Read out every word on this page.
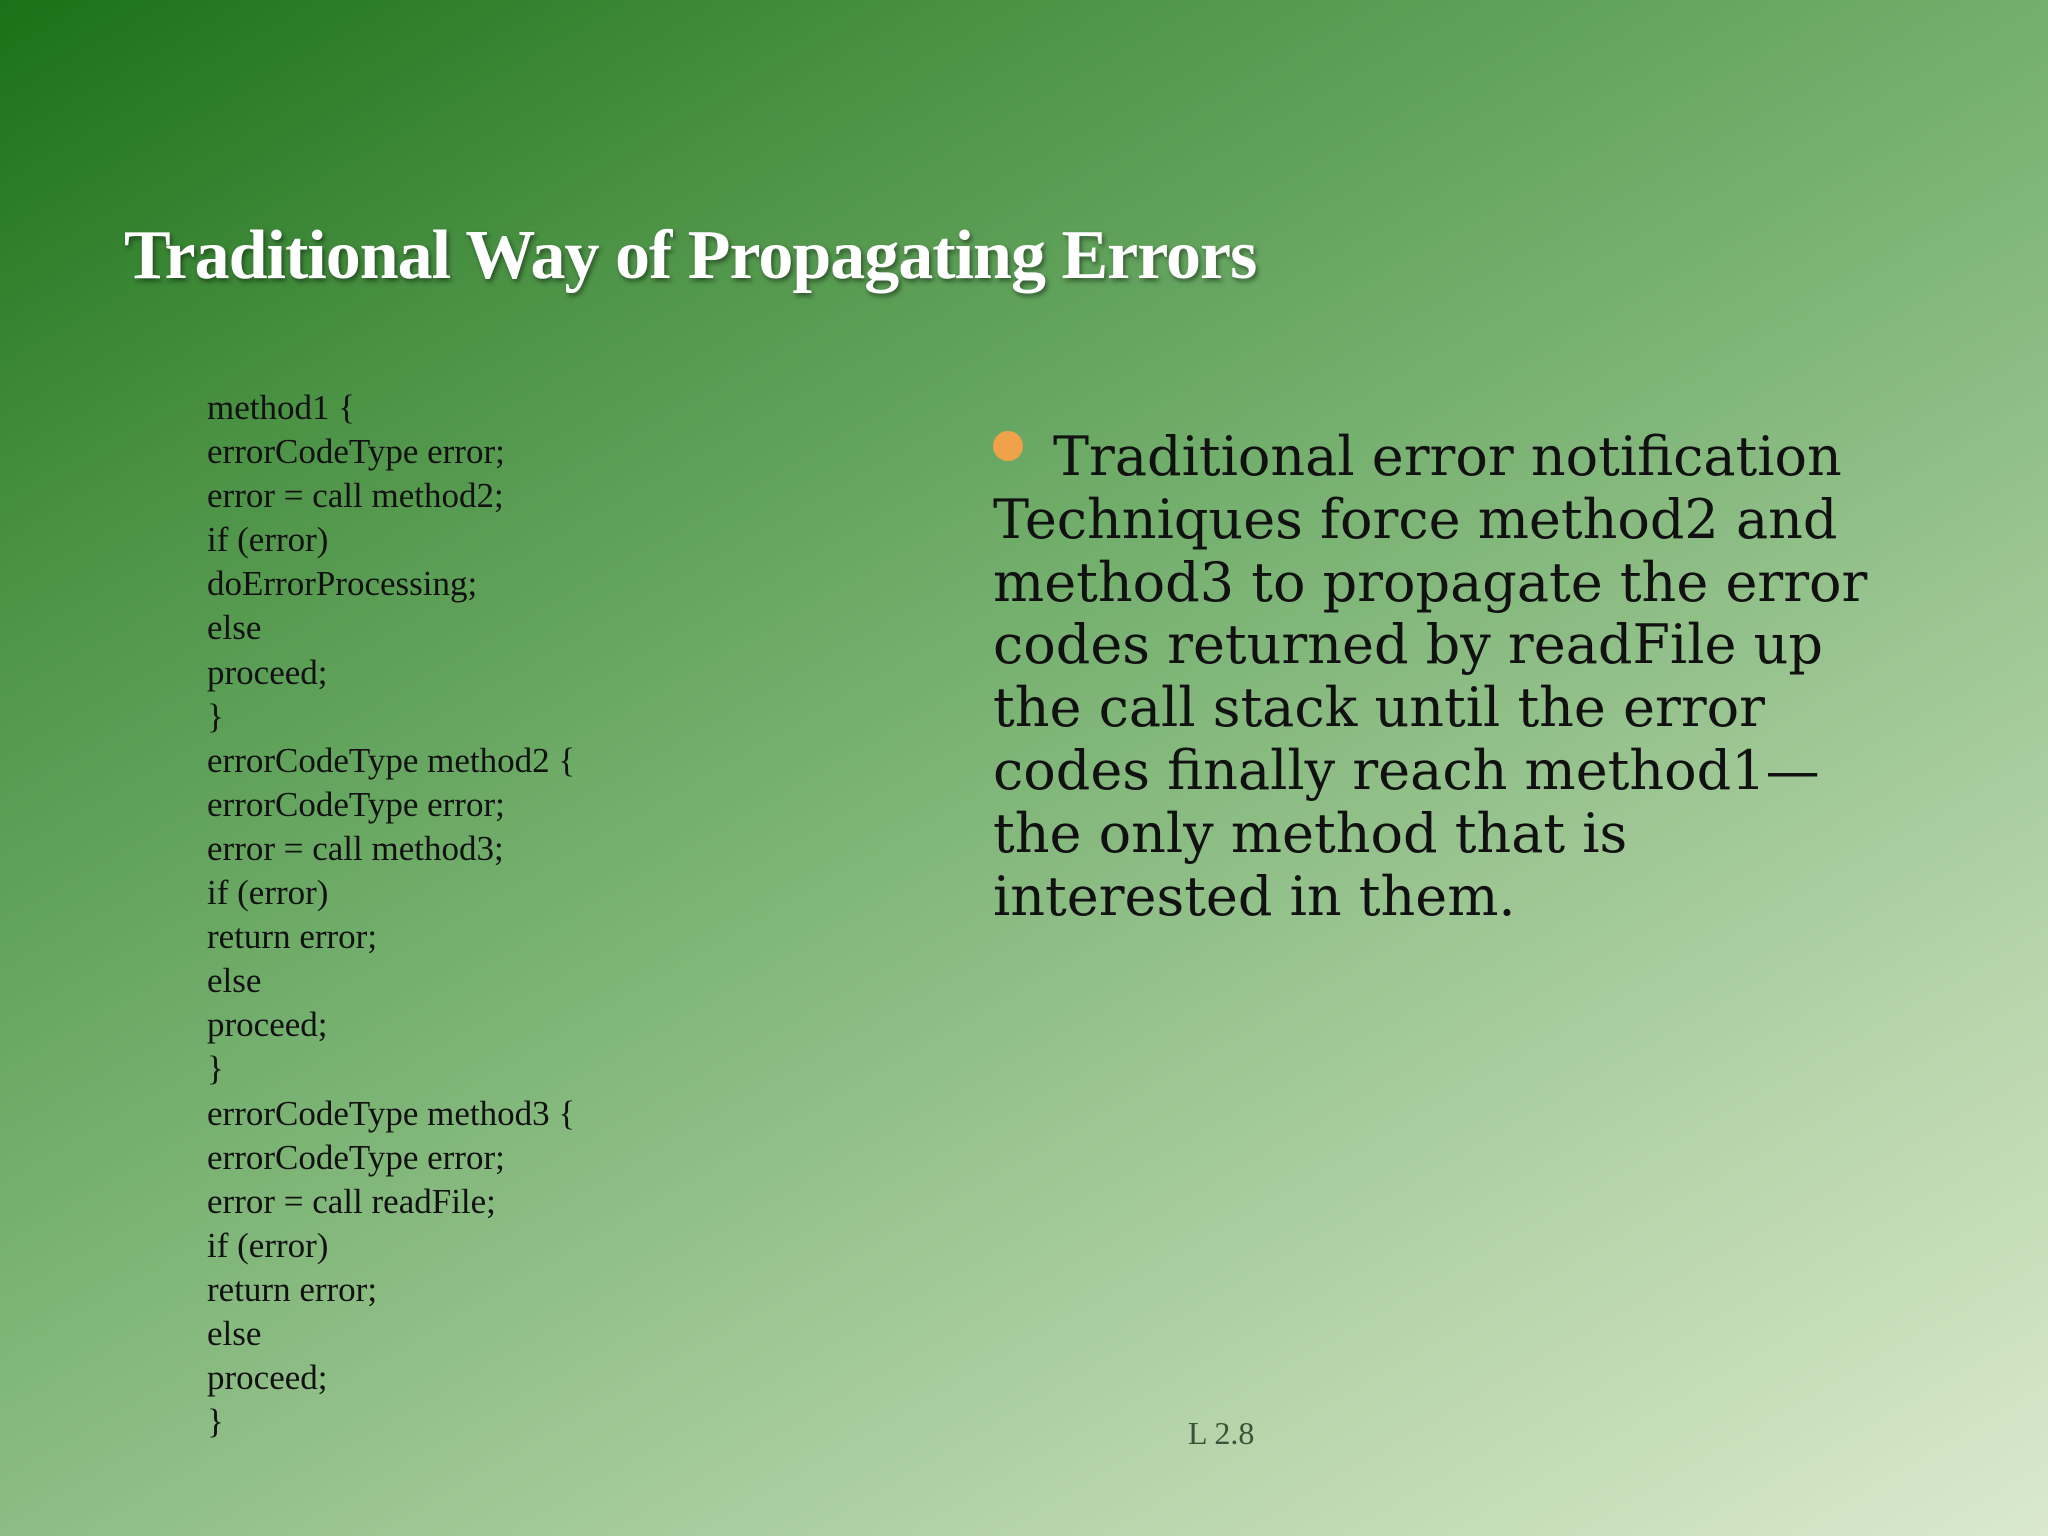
Traditional Way of Propagating Errors
method1 {
errorCodeType error;
error = call method2;
if (error)
doErrorProcessing;
else
proceed;
}
errorCodeType method2 {
errorCodeType error;
error = call method3;
if (error)
return error;
else
proceed;
}
errorCodeType method3 {
errorCodeType error;
error = call readFile;
if (error)
return error;
else
proceed;
}
Traditional error notification Techniques force method2 and method3 to propagate the error codes returned by readFile up the call stack until the error codes finally reach method1—the only method that is interested in them.
L 2.8
